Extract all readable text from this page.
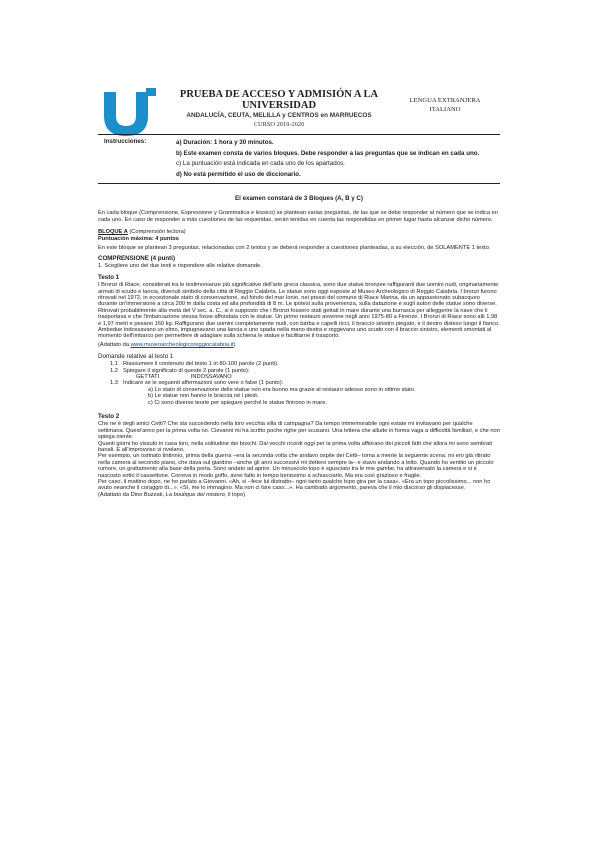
PRUEBA DE ACCESO Y ADMISIÓN A LA UNIVERSIDAD
ANDALUCÍA, CEUTA, MELILLA y CENTROS en MARRUECOS
CURSO 2019-2020
LENGUA EXTRANJERA ITALIANO
Instrucciones:	a) Duración: 1 hora y 30 minutos.
b) Este examen consta de varios bloques. Debe responder a las preguntas que se indican en cada uno.
c) La puntuación está indicada en cada uno de los apartados.
d) No está permitido el uso de diccionario.

El examen constará de 3 Bloques (A, B y C)

En cada bloque (Comprensione, Espressione y Grammatica e lessico) se plantean varias preguntas, de las que se debe responder al número que se indica en cada uno. En caso de responder a más cuestiones de las requeridas, serán tenidas en cuenta las respondidas en primer lugar hasta alcanzar dicho número.

BLOQUE A (Comprensión lectora)
Puntuación máxima: 4 puntos

En este bloque se plantean 3 preguntas, relacionadas con 2 textos y se deberá responder a cuestiones planteadas, a su elección, de SOLAMENTE 1 texto.

COMPRENSIONE (4 punti)

1. Scegliere uno dei due testi e rispondere alle relative domande.

Testo 1

I Bronzi di Riace, considerati tra le testimonianze più significative dell'arte greca classica, sono due statue bronzee raffiguranti due uomini nudi, originariamente armati di scudo e lancia, divenuti simbolo della città di Reggio Calabria. Le statue sono oggi esposte al Museo Archeologico di Reggio Calabria. I bronzi furono ritrovati nel 1972, in eccezionale stato di conservazione, sul fondo del mar Ionio, nei pressi del comune di Riace Marina, da un appassionato subacqueo durante un'immersione a circa 200 m dalla costa ed alla profondità di 8 m. Le ipotesi sulla provenienza, sulla datazione e sugli autori delle statue sono diverse. Ritrovati probabilmente alla metà del V sec. a. C., si è supposto che i Bronzi fossero stati gettati in mare durante una burrasca per alleggerire la nave che li trasportava e che l'imbarcazione stessa fosse affondata con le statue. Un primo restauro avvenne negli anni 1975-80 a Firenze. I Bronzi di Riace sono alti 1,98 e 1,97 metri e pesano 160 kg. Raffigurano due uomini completamente nudi, con barba e capelli ricci, il braccio sinistro piegato, e il destro disteso lungo il fianco. Ambedue indossavano un elmo, impugnavano una lancia e uno spada nella mano destra e reggevano uno scudo con il braccio sinistro, elementi smontati al momento dell'imbarco per permettere di adagiare sulla schiena le statue e facilitarne il trasporto.

(Adattato da www.museoarcheologicoreggiocalabria.it)

Domande relative al testo 1

1.1 Riassumere il contenuto del testo 1 in 80-100 parole (2 punti).

1.2 Spiegare il significato di queste 2 parole (1 punto):

GETTATI                    INDOSSAVANO

1.3 Indicare se le seguenti affermazioni sono vere o false (1 punto):

a) Lo stato di conservazione delle statue non era buono ma grazie al restauro adesso sono in ottimo stato.

b) Le statue non hanno le braccia né i piedi.

c) Ci sono diverse teorie per spiegare perché le statue finirono in mare.

Testo 2

Che ne è degli amici Cetti? Che sta succedendo nella loro vecchia villa di campagna? Da tempo immemorabile ogni estate mi invitavano per qualche settimana. Quest'anno per la prima volta no. Cievanni mi ha scritto poche righe per scusarsi. Una lettera che allude in forma vaga a difficoltà familiari, e che non spiega niente.

Quanti giorni ho vissuto in casa loro, nella solitudine dei boschi. Dai vecchi ricordi oggi per la prima volta affiorano dei piccoli fatti che allora mi sono sembrati banali. E all'improvviso si rivelano.

Per esempio, un ostinato tintinnìo, prima della guerra –era la seconda volta che andavo ospite dei Cetti– torna a mente la seguente scena: mi ero già ritirato nella camera al secondo piano, che dava sul giardino –anche gli anni successivi mi dettero sempre la– e stavo andando a letto. Quando ho sentito un piccolo rumore, un grattamento alla base della porta. Sono andato ad aprire. Un minuscolo topo è sgusciato tra le mie gambe, ha attraversato la camera e si è nascosto sotto il cassettone. Correva in modo goffo, avrei fatto in tempo benissimo a schiacciarlo. Ma era così grazioso e fragile.

Per caso, il mattino dopo, ne ho parlato a Giovanni. «Ah, sì –fece lui distratto– ogni tanto qualche topo gira per la casa». «Era un topo piccolissimo... non ho avuto neanche il coraggio di...». «Sì, me lo immagino. Ma non ci fare caso...». Ha cambiato argomento, pareva che il mio discorso gli dispiacesse.

(Adattato da Dino Buzzati, La boutique del mistero, il topo)
